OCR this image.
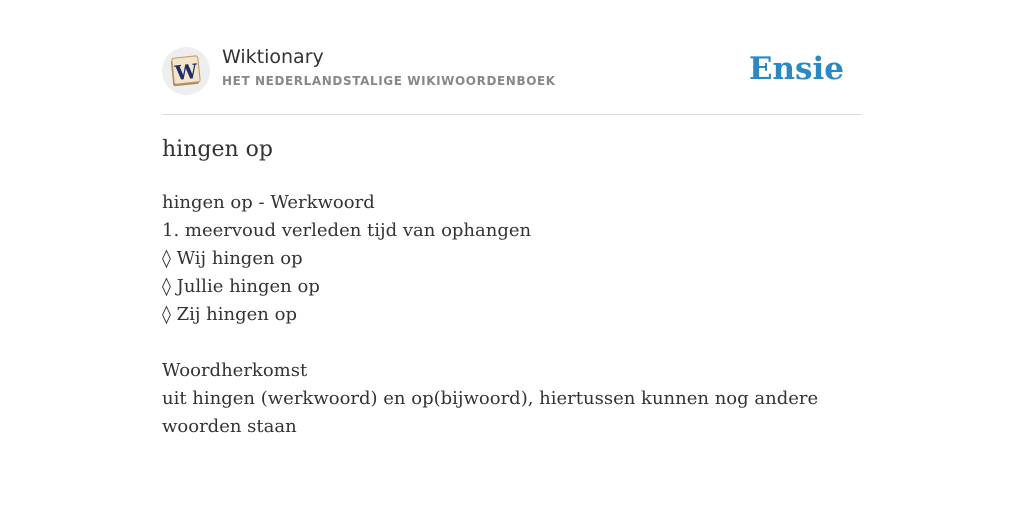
W
Wiktionary
HET NEDERLANDSTALIGE WIKIWOORDENBOEK	Ensie
hingen op
hingen op - Werkwoord
1. meervoud verleden tijd van ophangen
◊ Wij hingen op
◊ Jullie hingen op
◊ Zij hingen op
Woordherkomst
uit hingen (werkwoord) en op(bijwoord), hiertussen kunnen nog andere woorden staan
